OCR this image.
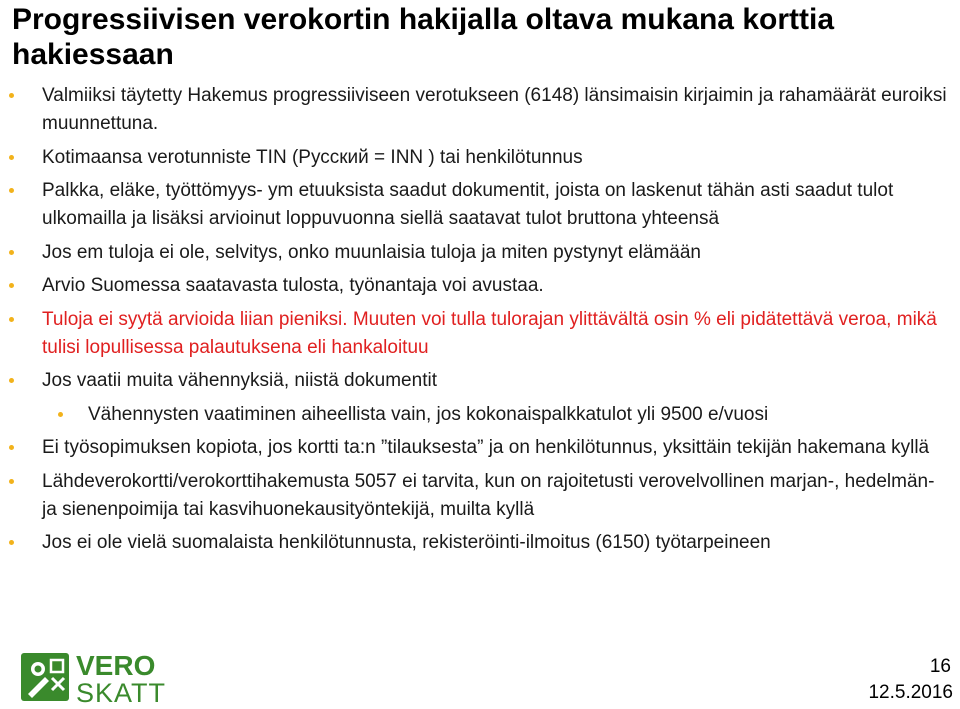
Progressiivisen verokortin hakijalla oltava mukana korttia hakiessaan
Valmiiksi täytetty Hakemus progressiiviseen verotukseen (6148) länsimaisin kirjaimin ja rahamäärät euroiksi muunnettuna.
Kotimaansa verotunniste TIN (Русский = INN ) tai henkilötunnus
Palkka, eläke, työttömyys- ym etuuksista saadut dokumentit, joista on laskenut tähän asti saadut tulot ulkomailla ja lisäksi arvioinut loppuvuonna siellä saatavat tulot bruttona yhteensä
Jos em tuloja ei ole, selvitys, onko muunlaisia tuloja ja miten pystynyt elämään
Arvio Suomessa saatavasta tulosta, työnantaja voi avustaa.
Tuloja ei syytä arvioida liian pieniksi. Muuten voi tulla tulorajan ylittävältä osin % eli pidätettävä veroa, mikä tulisi lopullisessa palautuksena eli hankaloituu
Jos vaatii muita vähennyksiä, niistä dokumentit
Vähennysten vaatiminen aiheellista vain, jos kokonaispalkkatulot yli 9500 e/vuosi
Ei työsopimuksen kopiota, jos kortti ta:n ”tilauksesta” ja on henkilötunnus, yksittäin tekijän hakemana kyllä
Lähdeverokortti/verokorttihakemusta 5057 ei tarvita, kun on rajoitetusti verovelvollinen marjan-, hedelmän- ja sienenpoimija tai kasvihuonekausityöntekijä, muilta kyllä
Jos ei ole vielä suomalaista henkilötunnusta, rekisteröinti-ilmoitus (6150) työtarpeineen
VERO
SKATT
16
12.5.2016
